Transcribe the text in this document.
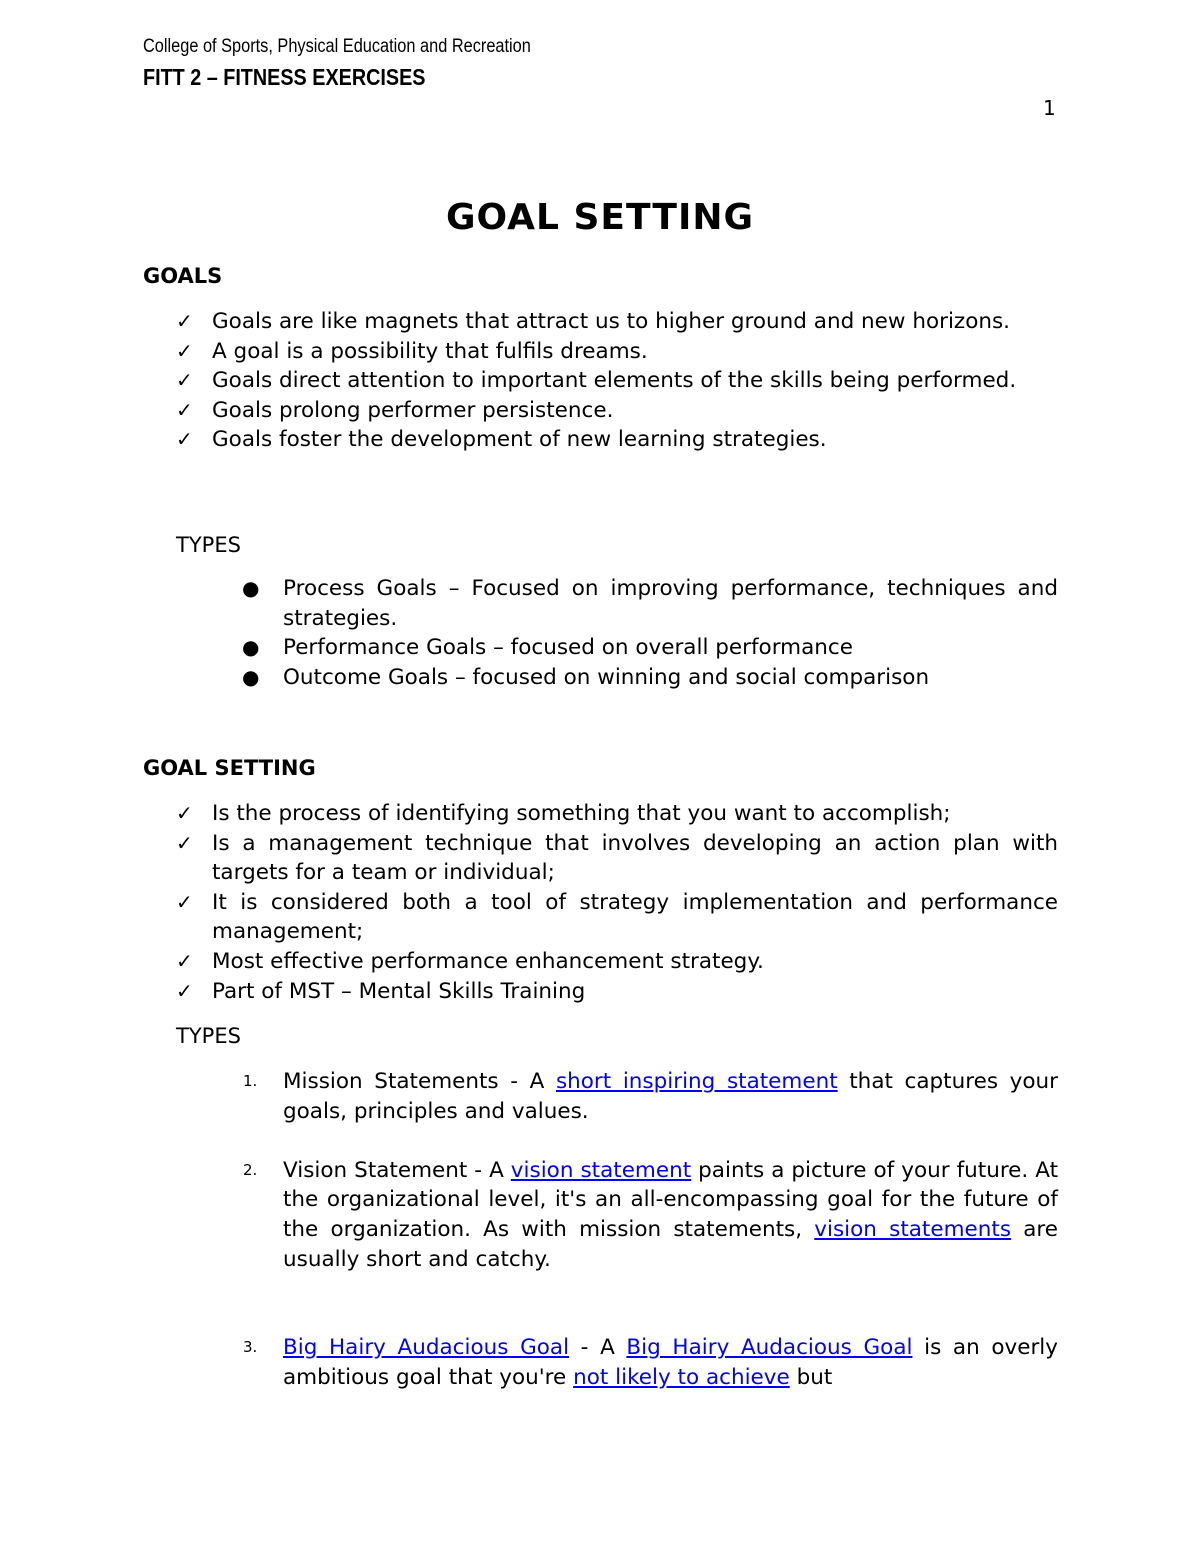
College of Sports, Physical Education and Recreation
FITT 2 – FITNESS EXERCISES
1
GOAL SETTING
GOALS
✓ Goals are like magnets that attract us to higher ground and new horizons.
✓ A goal is a possibility that fulfils dreams.
✓ Goals direct attention to important elements of the skills being performed.
✓ Goals prolong performer persistence.
✓ Goals foster the development of new learning strategies.
TYPES
● Process Goals – Focused on improving performance, techniques and strategies.
● Performance Goals – focused on overall performance
● Outcome Goals – focused on winning and social comparison
GOAL SETTING
✓ Is the process of identifying something that you want to accomplish;
✓ Is a management technique that involves developing an action plan with targets for a team or individual;
✓ It is considered both a tool of strategy implementation and performance management;
✓ Most effective performance enhancement strategy.
✓ Part of MST – Mental Skills Training
TYPES
1. Mission Statements - A short inspiring statement that captures your goals, principles and values.
2. Vision Statement - A vision statement paints a picture of your future. At the organizational level, it's an all-encompassing goal for the future of the organization. As with mission statements, vision statements are usually short and catchy.
3. Big Hairy Audacious Goal - A Big Hairy Audacious Goal is an overly ambitious goal that you're not likely to achieve but
